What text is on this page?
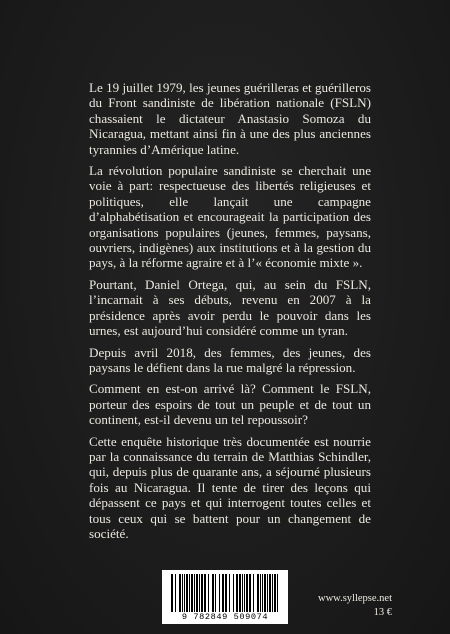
Le 19 juillet 1979, les jeunes guérilleras et guérilleros du Front sandiniste de libération nationale (FSLN) chassaient le dictateur Anastasio Somoza du Nicaragua, mettant ainsi fin à une des plus anciennes tyrannies d’Amérique latine.

La révolution populaire sandiniste se cherchait une voie à part: respectueuse des libertés religieuses et politiques, elle lançait une campagne d’alphabétisation et encourageait la participation des organisations populaires (jeunes, femmes, paysans, ouvriers, indigènes) aux institutions et à la gestion du pays, à la réforme agraire et à l’« économie mixte ».

Pourtant, Daniel Ortega, qui, au sein du FSLN, l’incarnait à ses débuts, revenu en 2007 à la présidence après avoir perdu le pouvoir dans les urnes, est aujourd’hui considéré comme un tyran.

Depuis avril 2018, des femmes, des jeunes, des paysans le défient dans la rue malgré la répression.

Comment en est-on arrivé là? Comment le FSLN, porteur des espoirs de tout un peuple et de tout un continent, est-il devenu un tel repoussoir?

Cette enquête historique très documentée est nourrie par la connaissance du terrain de Matthias Schindler, qui, depuis plus de quarante ans, a séjourné plusieurs fois au Nicaragua. Il tente de tirer des leçons qui dépassent ce pays et qui interrogent toutes celles et tous ceux qui se battent pour un changement de société.

9 782849 509074
www.syllepse.net
13 €
